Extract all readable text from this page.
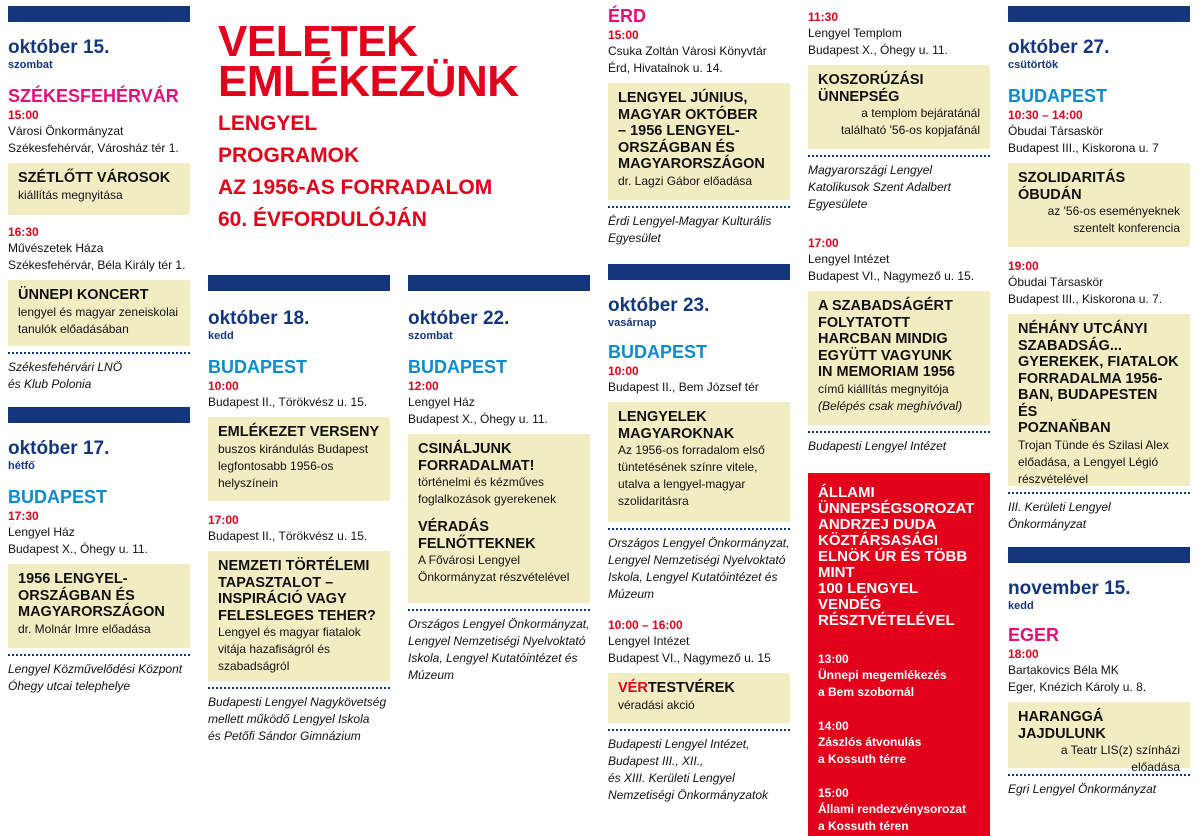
október 15.
szombat
SZÉKESFEHÉRVÁR
15:00
Városi Önkormányzat
Székesfehérvár, Városház tér 1.
SZÉTLŐTT VÁROSOK
kiállítás megnyitása
16:30
Művészetek Háza
Székesfehérvár, Béla Király tér 1.
ÜNNEPI KONCERT
lengyel és magyar zeneiskolai
tanulók előadásában
Székesfehérvári LNÖ
és Klub Polonia
október 17.
hétfő
BUDAPEST
17:30
Lengyel Ház
Budapest X., Óhegy u. 11.
1956 LENGYEL-
ORSZÁGBAN ÉS
MAGYARORSZÁGON
dr. Molnár Imre előadása
Lengyel Közművelődési Központ
Óhegy utcai telephelye
VELETEK
EMLÉKEZÜNK
LENGYEL
PROGRAMOK
AZ 1956-AS FORRADALOM
60. ÉVFORDULÓJÁN
október 18.
kedd
BUDAPEST
10:00
Budapest II., Törökvész u. 15.
EMLÉKEZET VERSENY
buszos kirándulás Budapest
legfontosabb 1956-os
helyszínein
17:00
Budapest II., Törökvész u. 15.
NEMZETI TÖRTÉLEMI
TAPASZTALOT –
INSPIRÁCIÓ VAGY
FELESLEGES TEHER?
Lengyel és magyar fiatalok
vitája hazafiságról és
szabadságról
Budapesti Lengyel Nagykövetség
mellett működő Lengyel Iskola
és Petőfi Sándor Gimnázium
október 22.
szombat
BUDAPEST
12:00
Lengyel Ház
Budapest X., Óhegy u. 11.
CSINÁLJUNK
FORRADALMAT!
történelmi és kézműves
foglalkozások gyerekenek
VÉRADÁS
FELNŐTTEKNEK
A Fővárosi Lengyel
Önkormányzat részvételével
Országos Lengyel Önkormányzat,
Lengyel Nemzetiségi Nyelvoktató
Iskola, Lengyel Kutatóintézet és
Múzeum
ÉRD
15:00
Csuka Zoltán Városi Könyvtár
Érd, Hivatalnok u. 14.
LENGYEL JÚNIUS,
MAGYAR OKTÓBER
– 1956 LENGYEL-
ORSZÁGBAN ÉS
MAGYARORSZÁGON
dr. Lagzi Gábor előadása
Érdi Lengyel-Magyar Kulturális
Egyesület
október 23.
vasárnap
BUDAPEST
10:00
Budapest II., Bem József tér
LENGYELEK
MAGYAROKNAK
Az 1956-os forradalom első
tüntetésének színre vitele,
utalva a lengyel-magyar
szolidaritásra
Országos Lengyel Önkormányzat,
Lengyel Nemzetiségi Nyelvoktató
Iskola, Lengyel Kutatóintézet és
Múzeum
10:00 – 16:00
Lengyel Intézet
Budapest VI., Nagymező u. 15
VÉRTESTVÉREK
véradási akció
Budapesti Lengyel Intézet,
Budapest III., XII.,
és XIII. Kerületi Lengyel
Nemzetiségi Önkormányzatok
11:30
Lengyel Templom
Budapest X., Óhegy u. 11.
KOSZORÚZÁSI
ÜNNEPSÉG
a templom bejáratánál
található '56-os kopjafánál
Magyarországi Lengyel
Katolikusok Szent Adalbert
Egyesülete
17:00
Lengyel Intézet
Budapest VI., Nagymező u. 15.
A SZABADSÁGÉRT
FOLYTATOTT
HARCBAN MINDIG
EGYÜTT VAGYUNK
IN MEMORIAM 1956
című kiállítás megnyitója
(Belépés csak meghívóval)
Budapesti Lengyel Intézet
ÁLLAMI
ÜNNEPSÉGSOROZAT
ANDRZEJ DUDA
KÖZTÁRSASÁGI
ELNÖK ÚR ÉS TÖBB
MINT
100 LENGYEL VENDÉG
RÉSZTVÉTELÉVEL
13:00
Ünnepi megemlékezés
a Bem szobornál
14:00
Zászlós átvonulás
a Kossuth térre
15:00
Állami rendezvénysorozat
a Kossuth téren
október 27.
csütörtök
BUDAPEST
10:30 – 14:00
Óbudai Társaskör
Budapest III., Kiskorona u. 7
SZOLIDARITÁS
ÓBUDÁN
az '56-os eseményeknek
szentelt konferencia
19:00
Óbudai Társaskör
Budapest III., Kiskorona u. 7.
NÉHÁNY UTCÁNYI
SZABADSÁG...
GYEREKEK, FIATALOK
FORRADALMA 1956-
BAN, BUDAPESTEN ÉS
POZNAŇBAN
Trojan Tünde és Szilasi Alex
előadása, a Lengyel Légió
részvételével
III. Kerületi Lengyel
Önkormányzat
november 15.
kedd
EGER
18:00
Bartakovics Béla MK
Eger, Knézich Károly u. 8.
HARANGGÁ
JAJDULUNK
a Teatr LIS(z) színházi előadása
Egri Lengyel Önkormányzat
